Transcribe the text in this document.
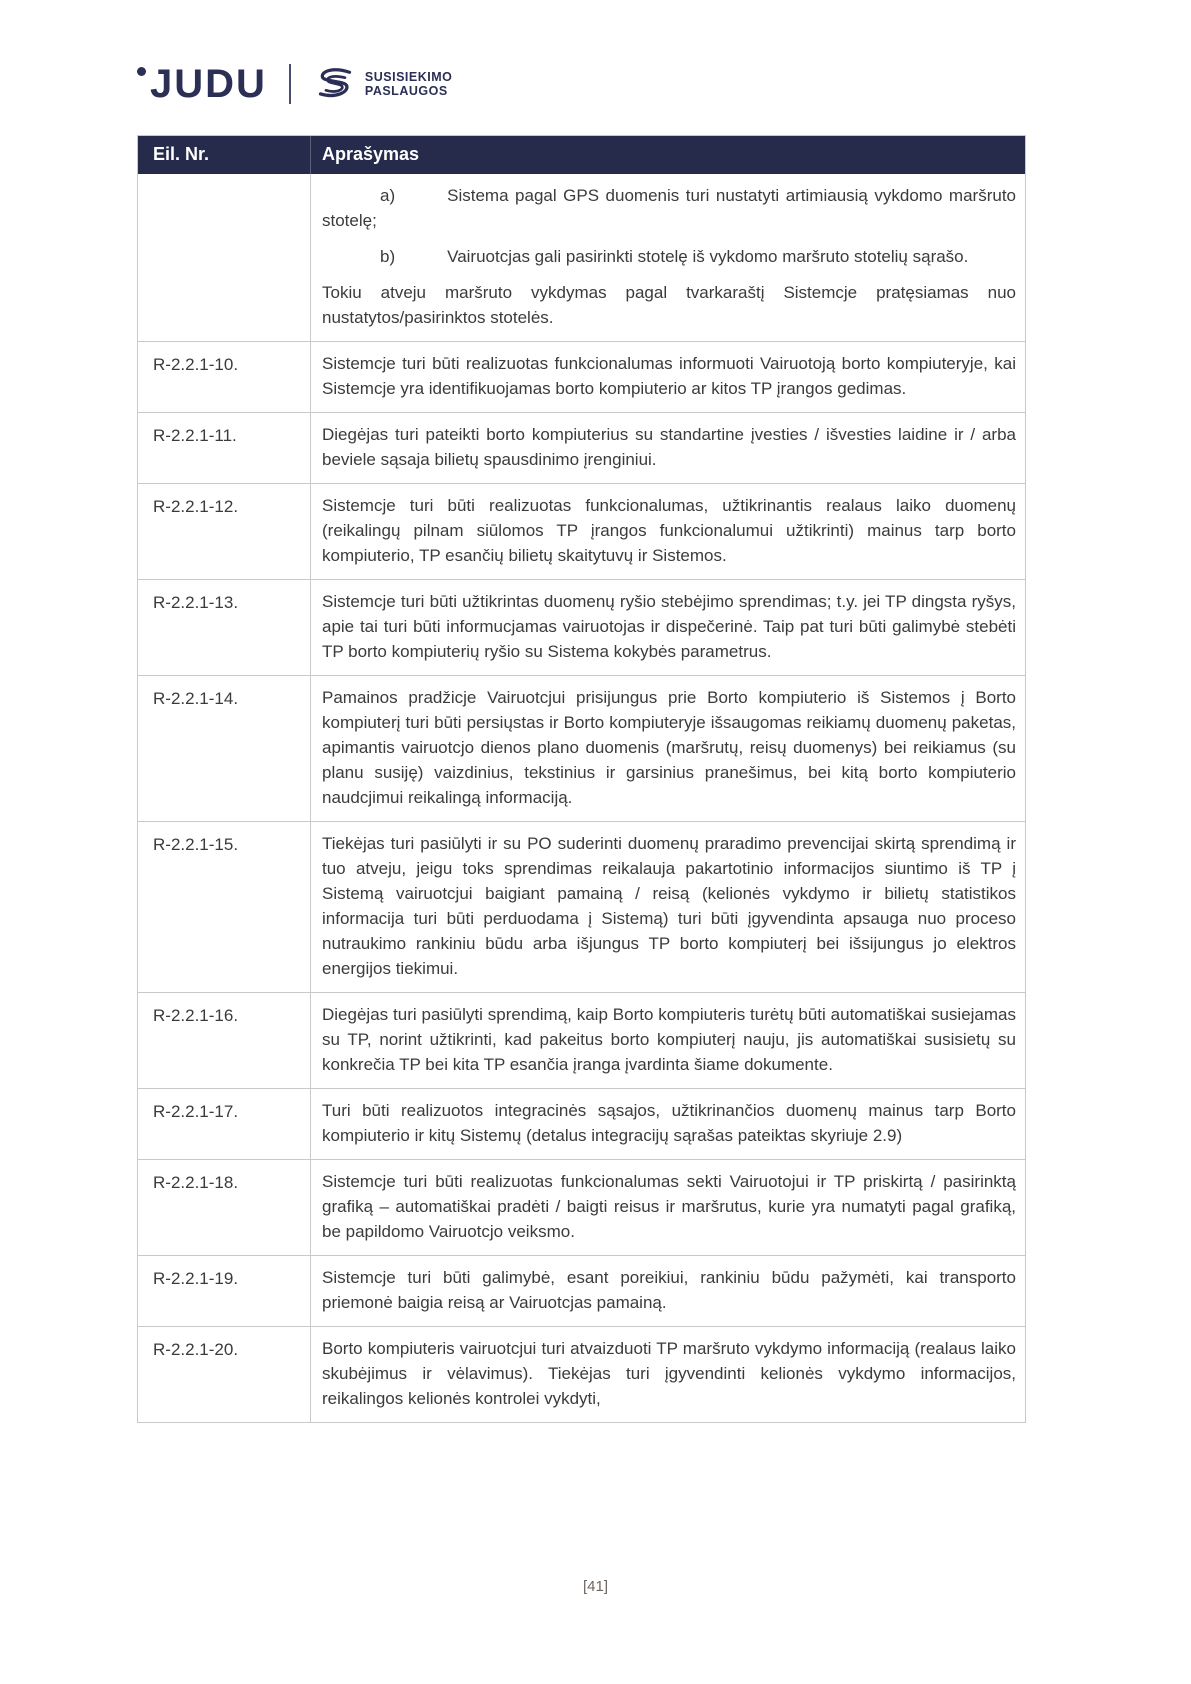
JUDU	SUSISIEKIMO
PASLAUGOS
Eil. Nr.	Aprašymas

a)	Sistema pagal GPS duomenis turi nustatyti artimiausią vykdomo maršruto stotelę;

b)	Vairuotcjas gali pasirinkti stotelę iš vykdomo maršruto stotelių sąrašo.

Tokiu atveju maršruto vykdymas pagal tvarkaraštį Sistemcje pratęsiamas nuo nustatytos/pasirinktos stotelės.

R-2.2.1-10.	Sistemcje turi būti realizuotas funkcionalumas informuoti Vairuotoją borto kompiuteryje, kai Sistemcje yra identifikuojamas borto kompiuterio ar kitos TP įrangos gedimas.

R-2.2.1-11.	Diegėjas turi pateikti borto kompiuterius su standartine įvesties / išvesties laidine ir / arba beviele sąsaja bilietų spausdinimo įrenginiui.

R-2.2.1-12.	Sistemcje turi būti realizuotas funkcionalumas, užtikrinantis realaus laiko duomenų (reikalingų pilnam siūlomos TP įrangos funkcionalumui užtikrinti) mainus tarp borto kompiuterio, TP esančių bilietų skaitytuvų ir Sistemos.

R-2.2.1-13.	Sistemcje turi būti užtikrintas duomenų ryšio stebėjimo sprendimas; t.y. jei TP dingsta ryšys, apie tai turi būti informucjamas vairuotojas ir dispečerinė. Taip pat turi būti galimybė stebėti TP borto kompiuterių ryšio su Sistema kokybės parametrus.

R-2.2.1-14.	Pamainos pradžicje Vairuotcjui prisijungus prie Borto kompiuterio iš Sistemos į Borto kompiuterį turi būti persiųstas ir Borto kompiuteryje išsaugomas reikiamų duomenų paketas, apimantis vairuotcjo dienos plano duomenis (maršrutų, reisų duomenys) bei reikiamus (su planu susiję) vaizdinius, tekstinius ir garsinius pranešimus, bei kitą borto kompiuterio naudcjimui reikalingą informaciją.

R-2.2.1-15.	Tiekėjas turi pasiūlyti ir su PO suderinti duomenų praradimo prevencijai skirtą sprendimą ir tuo atveju, jeigu toks sprendimas reikalauja pakartotinio informacijos siuntimo iš TP į Sistemą vairuotcjui baigiant pamainą / reisą (kelionės vykdymo ir bilietų statistikos informacija turi būti perduodama į Sistemą) turi būti įgyvendinta apsauga nuo proceso nutraukimo rankiniu būdu arba išjungus TP borto kompiuterį bei išsijungus jo elektros energijos tiekimui.

R-2.2.1-16.	Diegėjas turi pasiūlyti sprendimą, kaip Borto kompiuteris turėtų būti automatiškai susiejamas su TP, norint užtikrinti, kad pakeitus borto kompiuterį nauju, jis automatiškai susisietų su konkrečia TP bei kita TP esančia įranga įvardinta šiame dokumente.

R-2.2.1-17.	Turi būti realizuotos integracinės sąsajos, užtikrinančios duomenų mainus tarp Borto kompiuterio ir kitų Sistemų (detalus integracijų sąrašas pateiktas skyriuje 2.9)

R-2.2.1-18.	Sistemcje turi būti realizuotas funkcionalumas sekti Vairuotojui ir TP priskirtą / pasirinktą grafiką – automatiškai pradėti / baigti reisus ir maršrutus, kurie yra numatyti pagal grafiką, be papildomo Vairuotcjo veiksmo.

R-2.2.1-19.	Sistemcje turi būti galimybė, esant poreikiui, rankiniu būdu pažymėti, kai transporto priemonė baigia reisą ar Vairuotcjas pamainą.

R-2.2.1-20.	Borto kompiuteris vairuotcjui turi atvaizduoti TP maršruto vykdymo informaciją (realaus laiko skubėjimus ir vėlavimus). Tiekėjas turi įgyvendinti kelionės vykdymo informacijos, reikalingos kelionės kontrolei vykdyti,

[41]
